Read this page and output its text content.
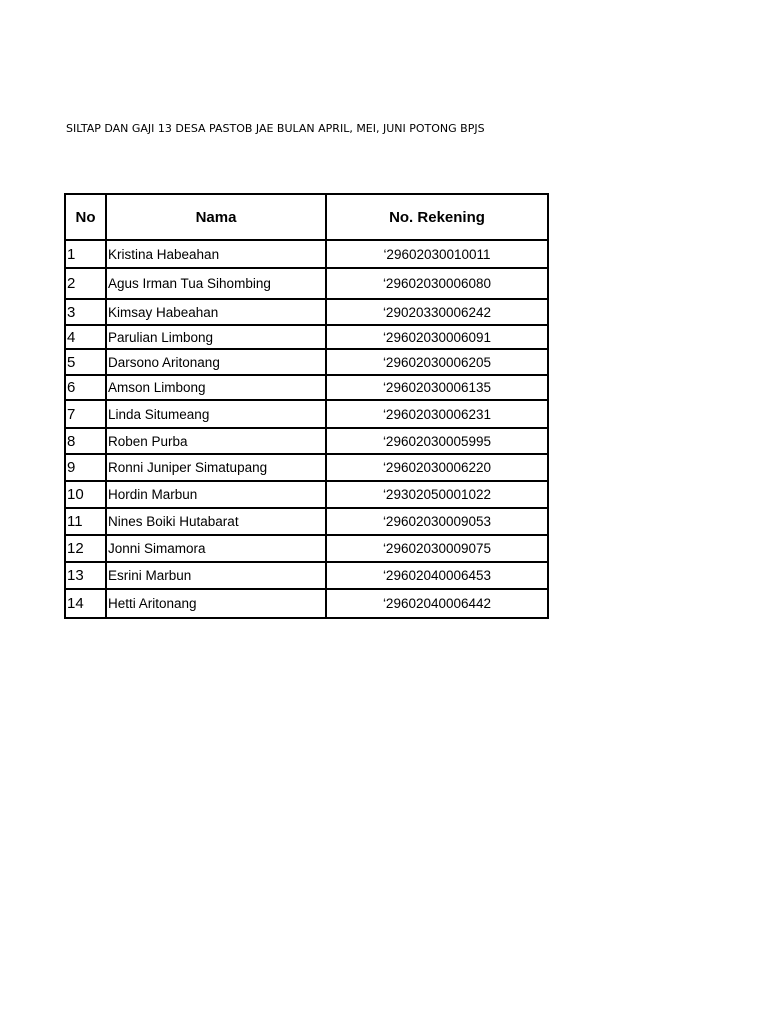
SILTAP DAN GAJI 13 DESA PASTOB JAE BULAN APRIL, MEI, JUNI POTONG BPJS
No	Nama	No. Rekening
1	Kristina Habeahan	‘29602030010011
2	Agus Irman Tua Sihombing	‘29602030006080
3	Kimsay Habeahan	‘29020330006242
4	Parulian Limbong	‘29602030006091
5	Darsono Aritonang	‘29602030006205
6	Amson Limbong	‘29602030006135
7	Linda Situmeang	‘29602030006231
8	Roben Purba	‘29602030005995
9	Ronni Juniper Simatupang	‘29602030006220
10	Hordin Marbun	‘29302050001022
11	Nines Boiki Hutabarat	‘29602030009053
12	Jonni Simamora	‘29602030009075
13	Esrini Marbun	‘29602040006453
14	Hetti Aritonang	‘29602040006442
